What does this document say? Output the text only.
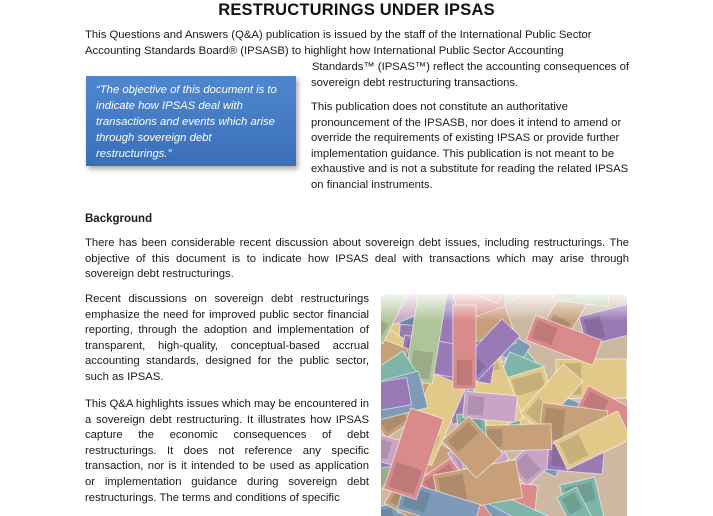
RESTRUCTURINGS UNDER IPSAS

This Questions and Answers (Q&A) publication is issued by the staff of the International Public Sector

Accounting Standards Board® (IPSASB) to highlight how International Public Sector Accounting

Standards™ (IPSAS™) reflect the accounting consequences of

sovereign debt restructuring transactions.

“The objective of this document is to indicate how IPSAS deal with transactions and events which arise through sovereign debt restructurings.”

This publication does not constitute an authoritative pronouncement of the IPSASB, nor does it intend to amend or override the requirements of existing IPSAS or provide further implementation guidance. This publication is not meant to be exhaustive and is not a substitute for reading the related IPSAS on financial instruments.

Background

There has been considerable recent discussion about sovereign debt issues, including restructurings. The objective of this document is to indicate how IPSAS deal with transactions which may arise through sovereign debt restructurings.

Recent discussions on sovereign debt restructurings emphasize the need for improved public sector financial reporting, through the adoption and implementation of transparent, high-quality, conceptual-based accrual accounting standards, designed for the public sector, such as IPSAS.

This Q&A highlights issues which may be encountered in a sovereign debt restructuring. It illustrates how IPSAS capture the economic consequences of debt restructurings. It does not reference any specific transaction, nor is it intended to be used as application or implementation guidance during sovereign debt restructurings. The terms and conditions of specific
